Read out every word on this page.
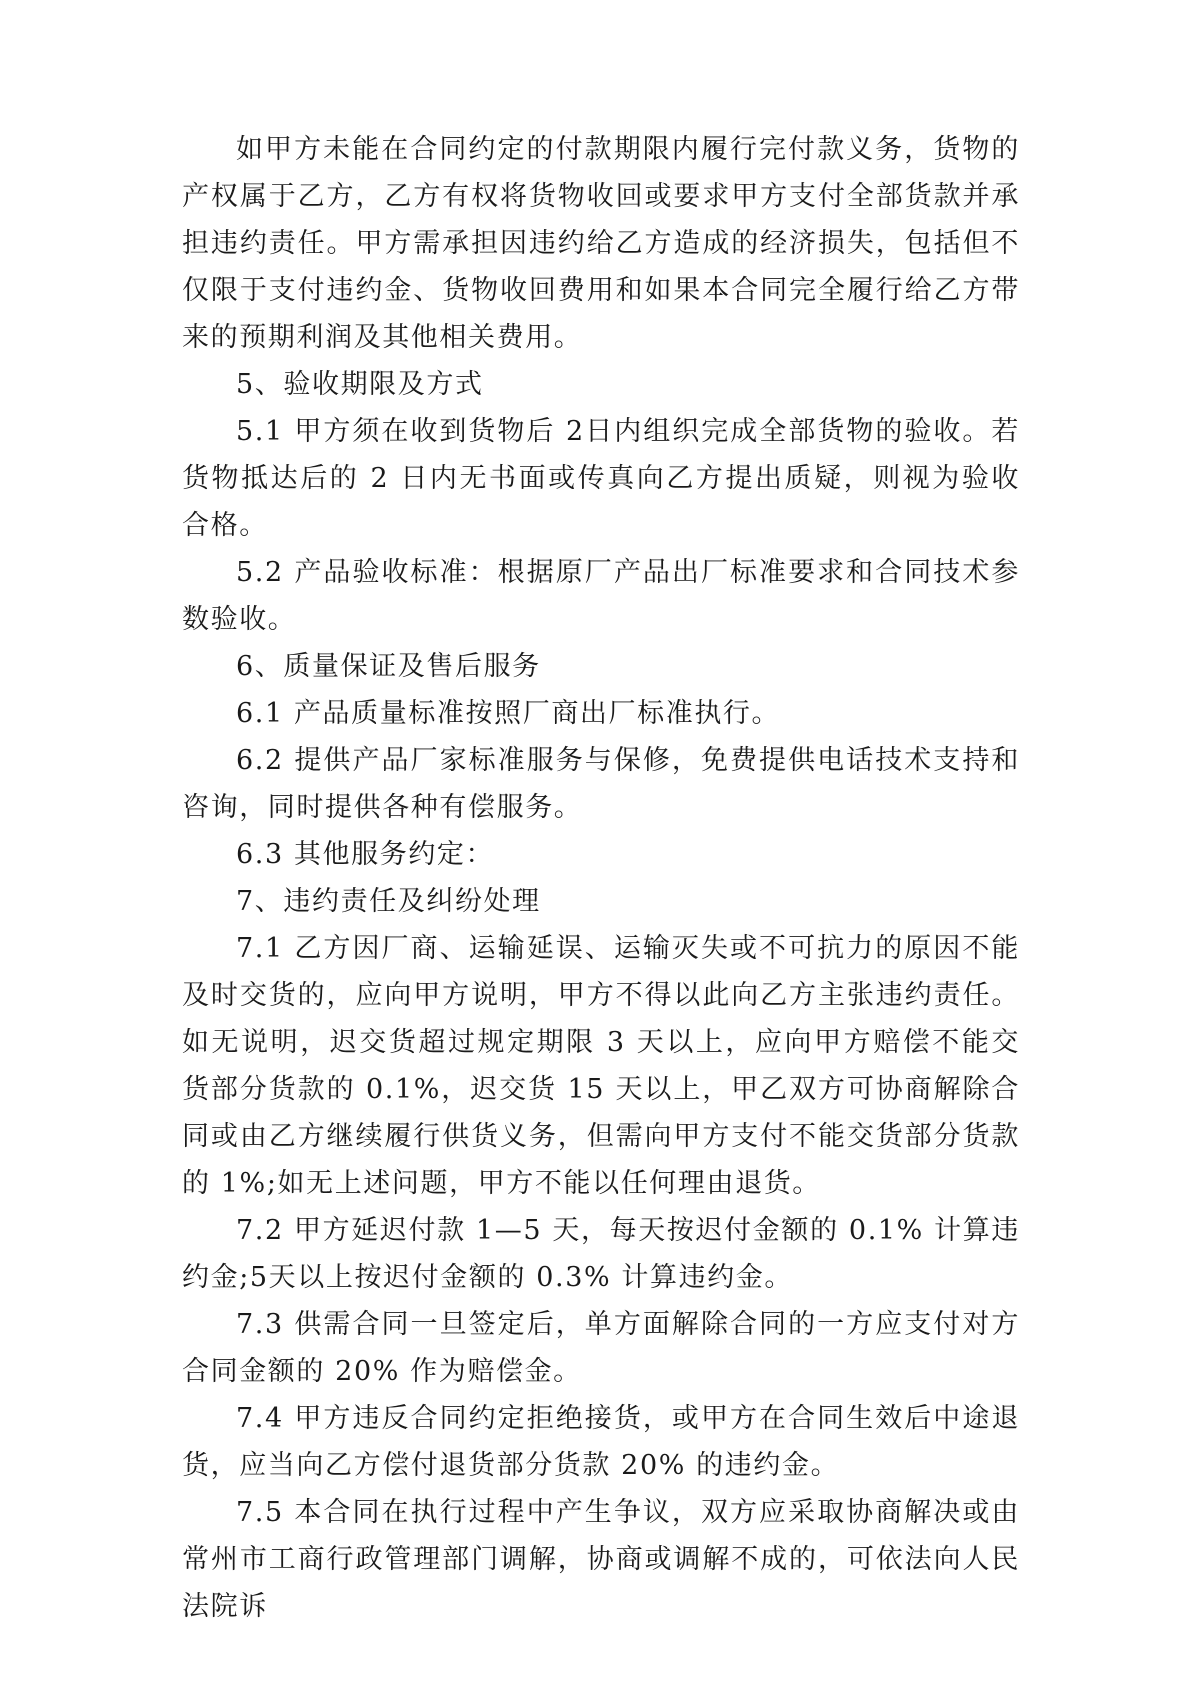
如甲方未能在合同约定的付款期限内履行完付款义务，货物的产权属于乙方，乙方有权将货物收回或要求甲方支付全部货款并承担违约责任。甲方需承担因违约给乙方造成的经济损失，包括但不仅限于支付违约金、货物收回费用和如果本合同完全履行给乙方带来的预期利润及其他相关费用。

5、验收期限及方式

5.1 甲方须在收到货物后 2日内组织完成全部货物的验收。若货物抵达后的 2 日内无书面或传真向乙方提出质疑，则视为验收合格。

5.2 产品验收标准：根据原厂产品出厂标准要求和合同技术参数验收。

6、质量保证及售后服务

6.1 产品质量标准按照厂商出厂标准执行。

6.2 提供产品厂家标准服务与保修，免费提供电话技术支持和咨询，同时提供各种有偿服务。

6.3 其他服务约定：

7、违约责任及纠纷处理

7.1 乙方因厂商、运输延误、运输灭失或不可抗力的原因不能及时交货的，应向甲方说明，甲方不得以此向乙方主张违约责任。如无说明，迟交货超过规定期限 3 天以上，应向甲方赔偿不能交货部分货款的 0.1%，迟交货 15 天以上，甲乙双方可协商解除合同或由乙方继续履行供货义务，但需向甲方支付不能交货部分货款的 1%;如无上述问题，甲方不能以任何理由退货。

7.2 甲方延迟付款 1—5 天，每天按迟付金额的 0.1% 计算违约金;5天以上按迟付金额的 0.3% 计算违约金。

7.3 供需合同一旦签定后，单方面解除合同的一方应支付对方合同金额的 20% 作为赔偿金。

7.4 甲方违反合同约定拒绝接货，或甲方在合同生效后中途退货，应当向乙方偿付退货部分货款 20% 的违约金。

7.5 本合同在执行过程中产生争议，双方应采取协商解决或由常州市工商行政管理部门调解，协商或调解不成的，可依法向人民法院诉
